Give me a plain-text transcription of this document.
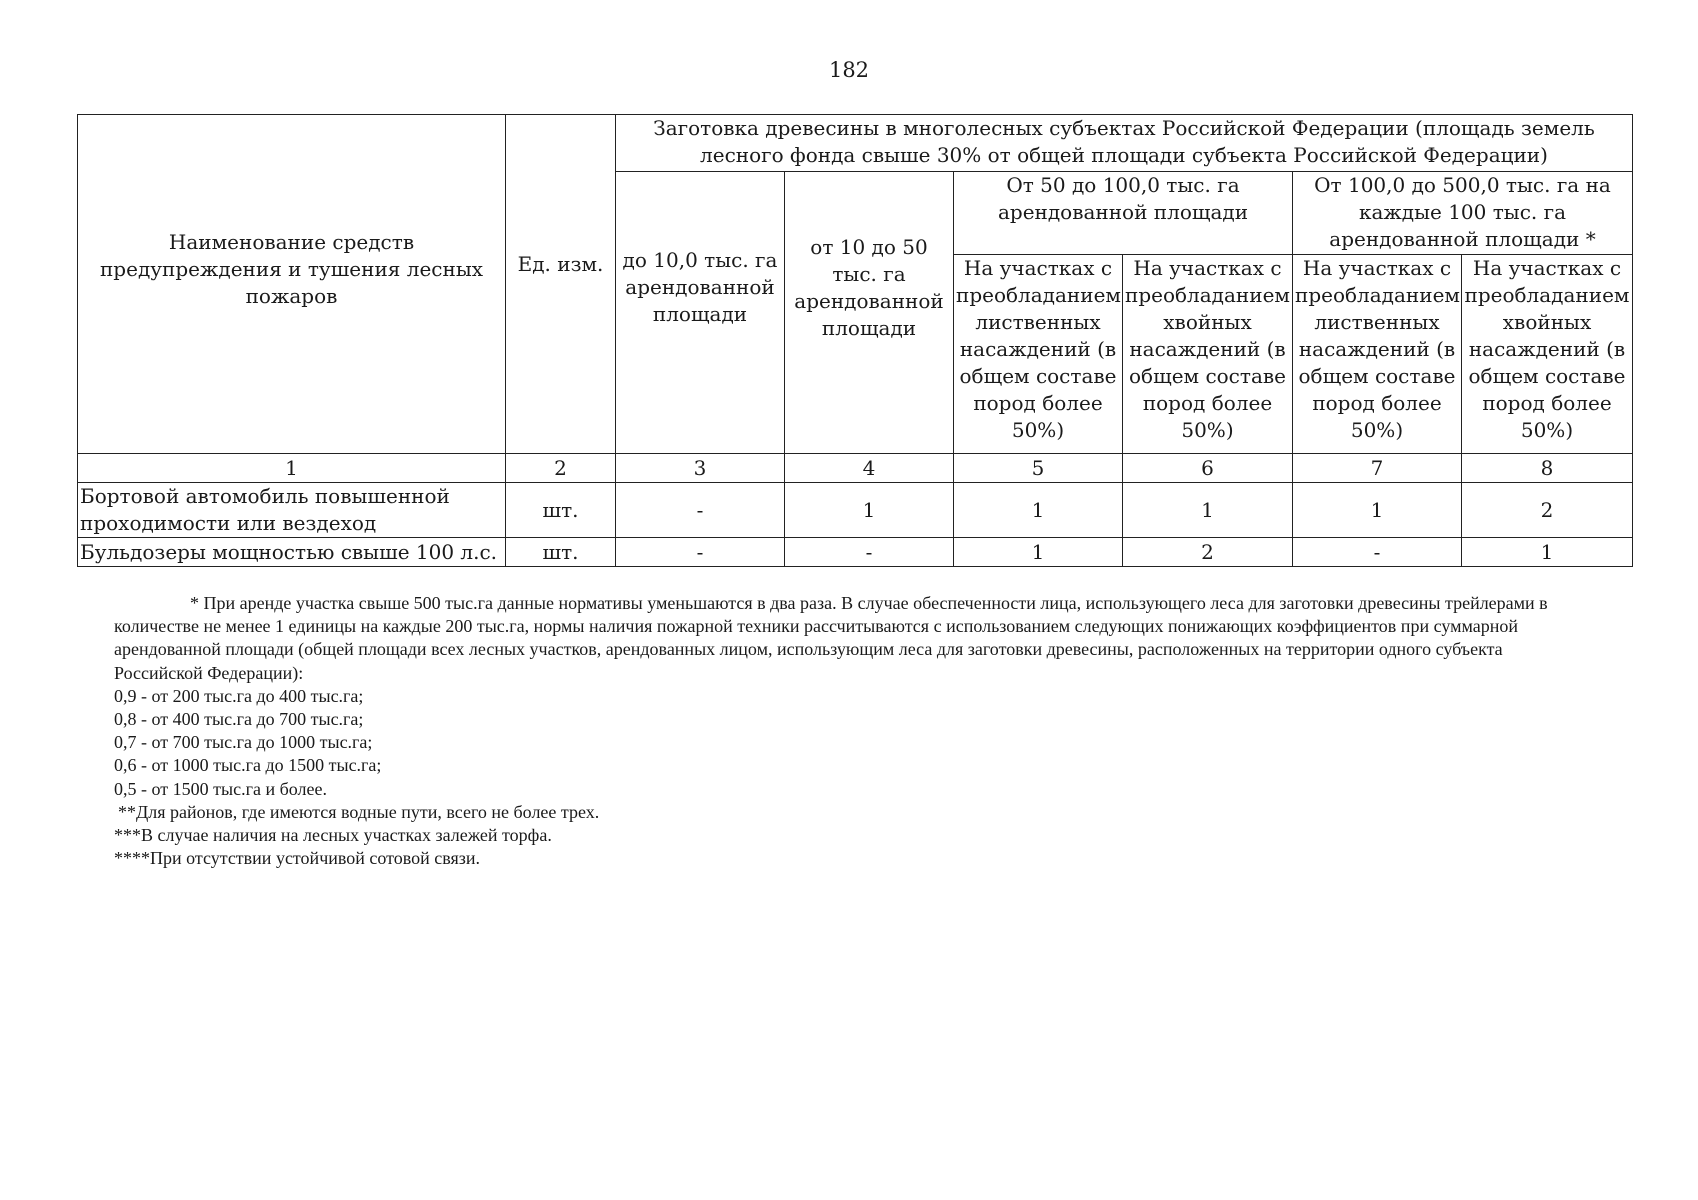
182
Наименование средств предупреждения и тушения лесных пожаров	Ед. изм.	Заготовка древесины в многолесных субъектах Российской Федерации (площадь земель лесного фонда свыше 30% от общей площади субъекта Российской Федерации)					
		до 10,0 тыс. га арендованной площади	от 10 до 50 тыс. га арендованной площади	От 50 до 100,0 тыс. га арендованной площади		От 100,0 до 500,0 тыс. га на каждые 100 тыс. га арендованной площади *	
				На участках с преобладанием лиственных насаждений (в общем составе пород более 50%)	На участках с преобладанием хвойных насаждений (в общем составе пород более 50%)	На участках с преобладанием лиственных насаждений (в общем составе пород более 50%)	На участках с преобладанием хвойных насаждений (в общем составе пород более 50%)
1	2	3	4	5	6	7	8
Бортовой автомобиль повышенной проходимости или вездеход	шт.	-	1	1	1	1	2
Бульдозеры мощностью свыше 100 л.с.	шт.	-	-	1	2	-	1
* При аренде участка свыше 500 тыс.га данные нормативы уменьшаются в два раза. В случае обеспеченности лица, использующего леса для заготовки древесины трейлерами в количестве не менее 1 единицы на каждые 200 тыс.га, нормы наличия пожарной техники рассчитываются с использованием следующих понижающих коэффициентов при суммарной арендованной площади (общей площади всех лесных участков, арендованных лицом, использующим леса для заготовки древесины, расположенных на территории одного субъекта Российской Федерации):
0,9 - от 200 тыс.га до 400 тыс.га;
0,8 - от 400 тыс.га до 700 тыс.га;
0,7 - от 700 тыс.га до 1000 тыс.га;
0,6 - от 1000 тыс.га до 1500 тыс.га;
0,5 - от 1500 тыс.га и более.
**Для районов, где имеются водные пути, всего не более трех.
***В случае наличия на лесных участках залежей торфа.
****При отсутствии устойчивой сотовой связи.
